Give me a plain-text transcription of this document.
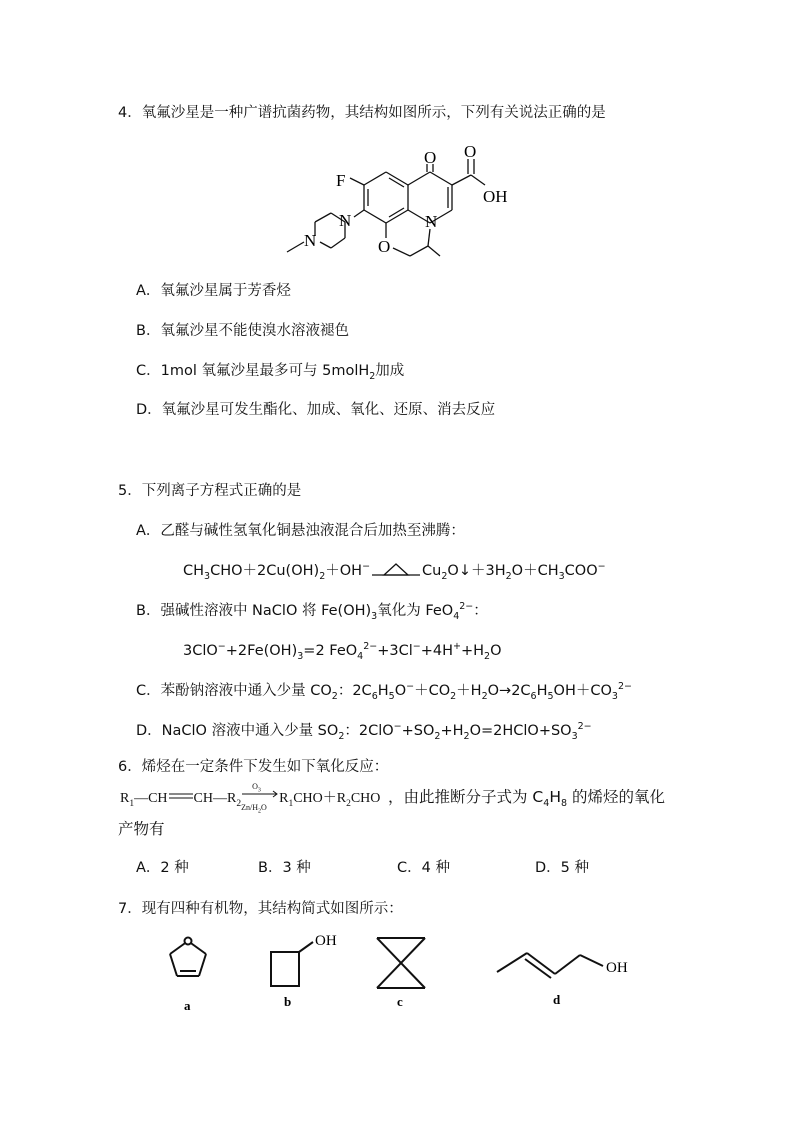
4．氧氟沙星是一种广谱抗菌药物，其结构如图所示，下列有关说法正确的是
F
O O
OH
N	N
N	O
A．氧氟沙星属于芳香烃
B．氧氟沙星不能使溴水溶液褪色
C．1mol 氧氟沙星最多可与 5molH$_2$加成
D．氧氟沙星可发生酯化、加成、氧化、还原、消去反应
5．下列离子方程式正确的是
A．乙醛与碱性氢氧化铜悬浊液混合后加热至沸腾：
$CH_3CHO+2Cu(OH)_2+OH^-$	$Cu_2O↓+3H_2O+CH_3COO^-$
B．强碱性溶液中 NaClO 将 $Fe(OH)_3$氧化为 FeO$_4^{2-}$：
$3ClO^-+2Fe(OH)_3=2$ $FeO_4^{2-}+3Cl^-+4H^++H_2O$
C．苯酚钠溶液中通入少量 $CO_2$：$2C_6H_5O^-+CO_2+H_2O\to 2C_6H_5OH+CO_3^{2-}$
D．NaClO 溶液中通入少量 $SO_2$：$2ClO^-+SO_2+H_2O=2HClO+SO_3^{2-}$
6．烯烃在一定条件下发生如下氧化反应：
$R_1—CH$ $CH—R_2$
$O_3$
$Zn/H_2O$
$R_1CHO+R_2CHO$ ，由此推断分子式为 $C_4H_8$ 的烯烃的氧化
产物有
A．2 种	B．3 种	C．4 种	D．5 种
7．现有四种有机物，其结构简式如图所示：
OH
OH
a	b	c	d
